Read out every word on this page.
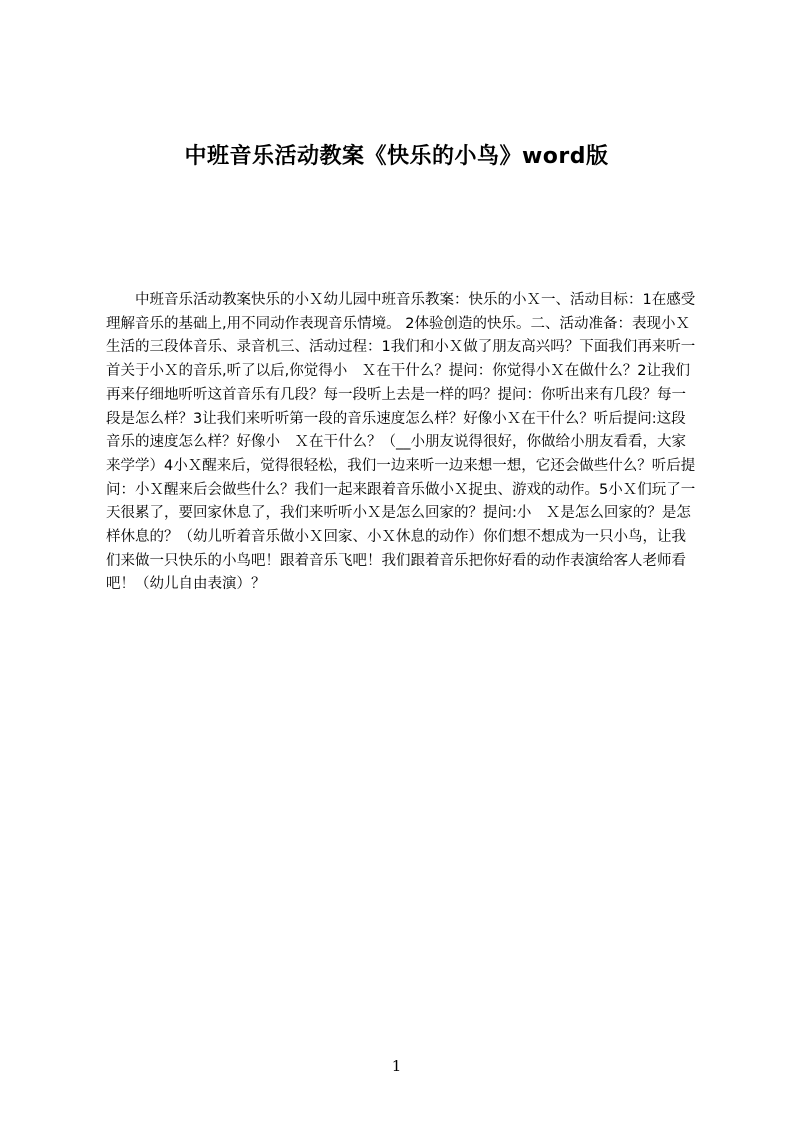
中班音乐活动教案《快乐的小鸟》word版
中班音乐活动教案快乐的小Ｘ幼儿园中班音乐教案：快乐的小Ｘ一、活动目标：1在感受理解音乐的基础上,用不同动作表现音乐情境。 2体验创造的快乐。二、活动准备：表现小Ｘ生活的三段体音乐、录音机三、活动过程：1我们和小Ｘ做了朋友高兴吗？下面我们再来听一首关于小Ｘ的音乐,听了以后,你觉得小　Ｘ在干什么？提问：你觉得小Ｘ在做什么？2让我们再来仔细地听听这首音乐有几段？每一段听上去是一样的吗？提问：你听出来有几段？每一段是怎么样？3让我们来听听第一段的音乐速度怎么样？好像小Ｘ在干什么？听后提问:这段音乐的速度怎么样？好像小　Ｘ在干什么？（__小朋友说得很好，你做给小朋友看看，大家来学学）4小Ｘ醒来后，觉得很轻松，我们一边来听一边来想一想，它还会做些什么？听后提问：小Ｘ醒来后会做些什么？我们一起来跟着音乐做小Ｘ捉虫、游戏的动作。5小Ｘ们玩了一天很累了，要回家休息了，我们来听听小Ｘ是怎么回家的？提问:小　Ｘ是怎么回家的？是怎样休息的？（幼儿听着音乐做小Ｘ回家、小Ｘ休息的动作）你们想不想成为一只小鸟，让我们来做一只快乐的小鸟吧！跟着音乐飞吧！我们跟着音乐把你好看的动作表演给客人老师看吧！（幼儿自由表演）？
1
